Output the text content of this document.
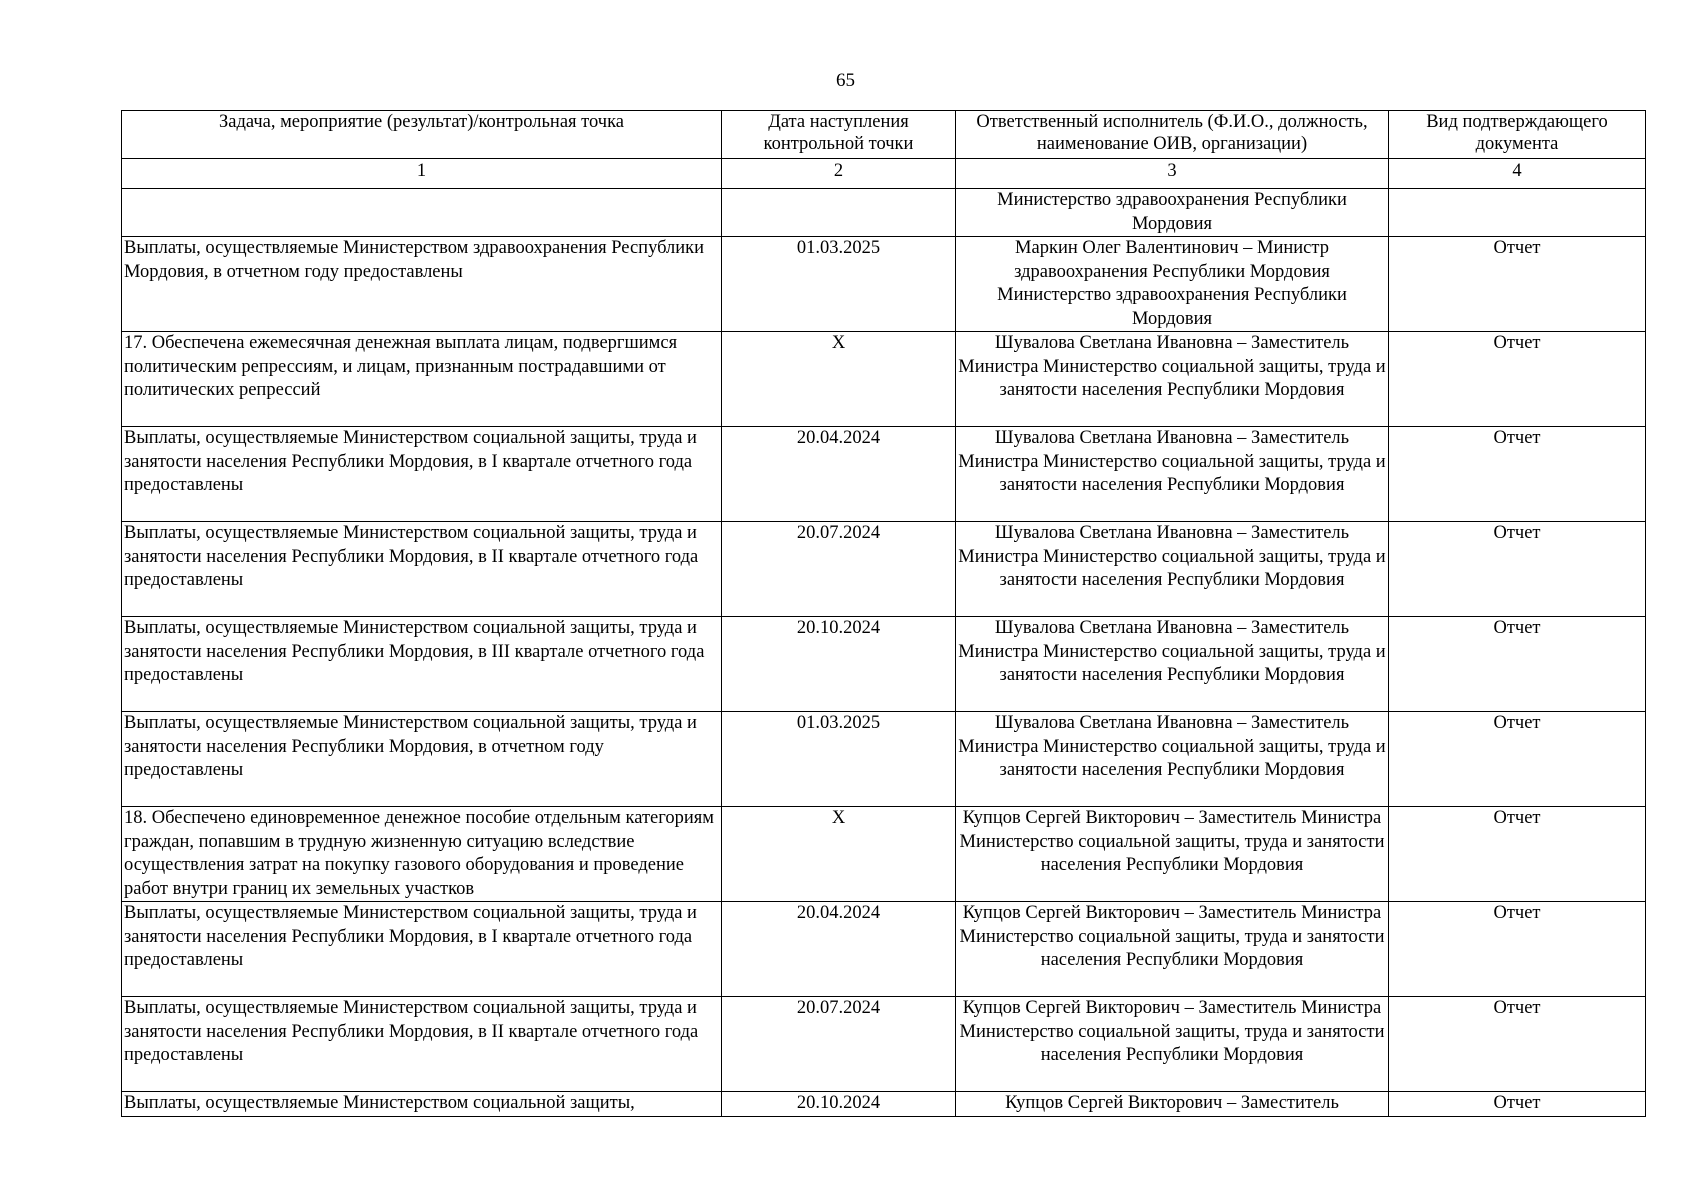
65
Задача, мероприятие (результат)/контрольная точка	Дата наступления контрольной точки	Ответственный исполнитель (Ф.И.О., должность, наименование ОИВ, организации)	Вид подтверждающего документа
1	2	3	4
		Министерство здравоохранения Республики Мордовия	
Выплаты, осуществляемые Министерством здравоохранения Республики Мордовия, в отчетном году предоставлены	01.03.2025	Маркин Олег Валентинович – Министр здравоохранения Республики Мордовия Министерство здравоохранения Республики Мордовия	Отчет
17. Обеспечена ежемесячная денежная выплата лицам, подвергшимся политическим репрессиям, и лицам, признанным пострадавшими от политических репрессий	Х	Шувалова Светлана Ивановна – Заместитель Министра Министерство социальной защиты, труда и занятости населения Республики Мордовия	Отчет
Выплаты, осуществляемые Министерством социальной защиты, труда и занятости населения Республики Мордовия, в I квартале отчетного года предоставлены	20.04.2024	Шувалова Светлана Ивановна – Заместитель Министра Министерство социальной защиты, труда и занятости населения Республики Мордовия	Отчет
Выплаты, осуществляемые Министерством социальной защиты, труда и занятости населения Республики Мордовия, в II квартале отчетного года предоставлены	20.07.2024	Шувалова Светлана Ивановна – Заместитель Министра Министерство социальной защиты, труда и занятости населения Республики Мордовия	Отчет
Выплаты, осуществляемые Министерством социальной защиты, труда и занятости населения Республики Мордовия, в III квартале отчетного года предоставлены	20.10.2024	Шувалова Светлана Ивановна – Заместитель Министра Министерство социальной защиты, труда и занятости населения Республики Мордовия	Отчет
Выплаты, осуществляемые Министерством социальной защиты, труда и занятости населения Республики Мордовия, в отчетном году предоставлены	01.03.2025	Шувалова Светлана Ивановна – Заместитель Министра Министерство социальной защиты, труда и занятости населения Республики Мордовия	Отчет
18. Обеспечено единовременное денежное пособие отдельным категориям граждан, попавшим в трудную жизненную ситуацию вследствие осуществления затрат на покупку газового оборудования и проведение работ внутри границ их земельных участков	Х	Купцов Сергей Викторович – Заместитель Министра Министерство социальной защиты, труда и занятости населения Республики Мордовия	Отчет
Выплаты, осуществляемые Министерством социальной защиты, труда и занятости населения Республики Мордовия, в I квартале отчетного года предоставлены	20.04.2024	Купцов Сергей Викторович – Заместитель Министра Министерство социальной защиты, труда и занятости населения Республики Мордовия	Отчет
Выплаты, осуществляемые Министерством социальной защиты, труда и занятости населения Республики Мордовия, в II квартале отчетного года предоставлены	20.07.2024	Купцов Сергей Викторович – Заместитель Министра Министерство социальной защиты, труда и занятости населения Республики Мордовия	Отчет
Выплаты, осуществляемые Министерством социальной защиты,	20.10.2024	Купцов Сергей Викторович – Заместитель	Отчет
